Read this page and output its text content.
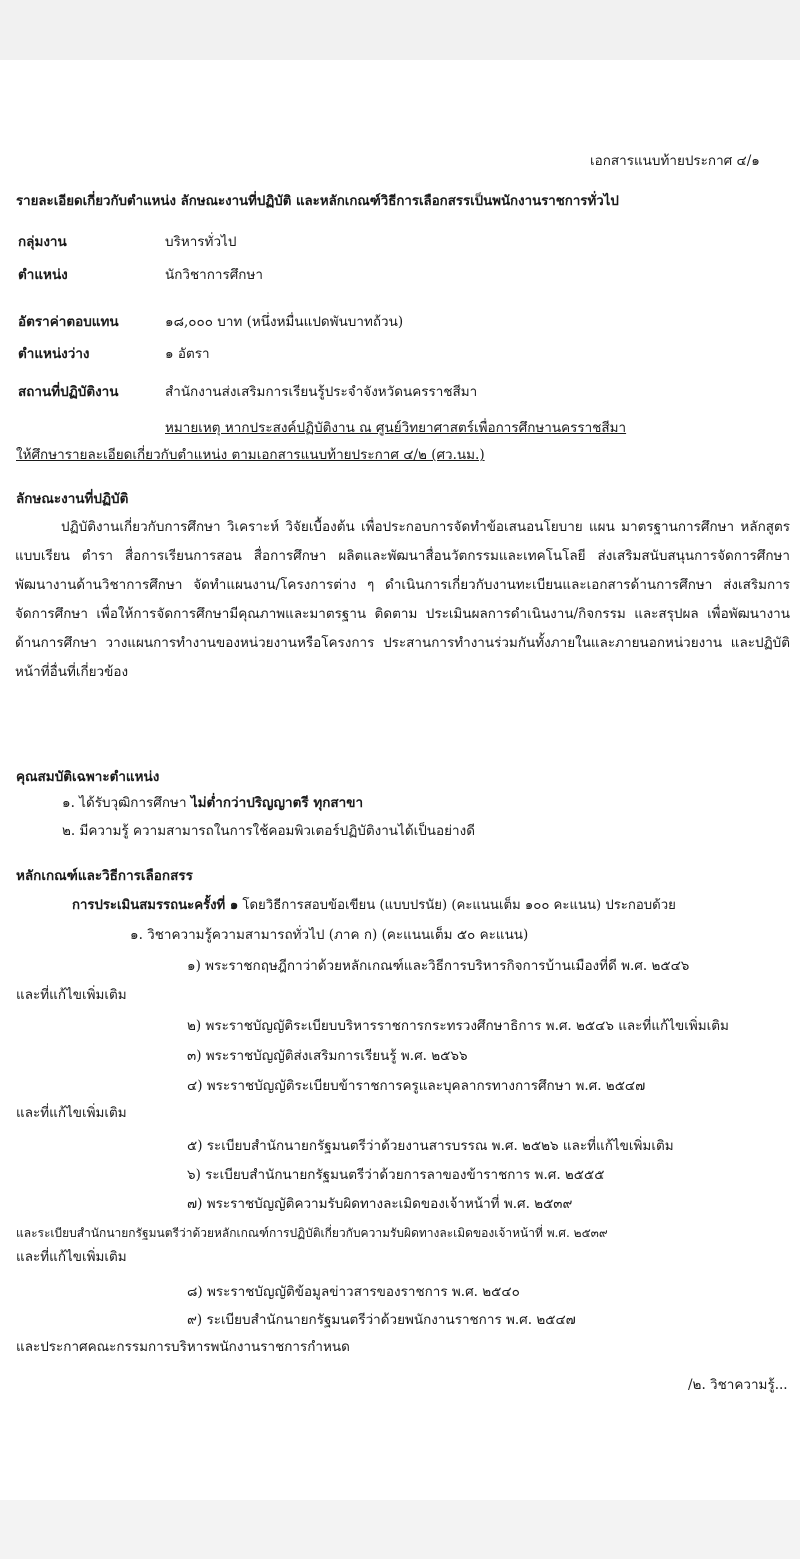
เอกสารแนบท้ายประกาศ ๔/๑
รายละเอียดเกี่ยวกับตำแหน่ง ลักษณะงานที่ปฏิบัติ และหลักเกณฑ์วิธีการเลือกสรรเป็นพนักงานราชการทั่วไป
กลุ่มงาน	บริหารทั่วไป
ตำแหน่ง	นักวิชาการศึกษา
อัตราค่าตอบแทน	๑๘,๐๐๐ บาท (หนึ่งหมื่นแปดพันบาทถ้วน)
ตำแหน่งว่าง	๑ อัตรา
สถานที่ปฏิบัติงาน	สำนักงานส่งเสริมการเรียนรู้ประจำจังหวัดนครราชสีมา
หมายเหตุ หากประสงค์ปฏิบัติงาน ณ ศูนย์วิทยาศาสตร์เพื่อการศึกษานครราชสีมา
ให้ศึกษารายละเอียดเกี่ยวกับตำแหน่ง ตามเอกสารแนบท้ายประกาศ ๔/๒ (ศว.นม.)
ลักษณะงานที่ปฏิบัติ
ปฏิบัติงานเกี่ยวกับการศึกษา วิเคราะห์ วิจัยเบื้องต้น เพื่อประกอบการจัดทำข้อเสนอนโยบาย แผน มาตรฐานการศึกษา หลักสูตร แบบเรียน ตำรา สื่อการเรียนการสอน สื่อการศึกษา ผลิตและพัฒนาสื่อนวัตกรรมและเทคโนโลยี ส่งเสริมสนับสนุนการจัดการศึกษา พัฒนางานด้านวิชาการศึกษา จัดทำแผนงาน/โครงการต่าง ๆ ดำเนินการเกี่ยวกับงานทะเบียนและเอกสารด้านการศึกษา ส่งเสริมการจัดการศึกษา เพื่อให้การจัดการศึกษามีคุณภาพและมาตรฐาน ติดตาม ประเมินผลการดำเนินงาน/กิจกรรม และสรุปผล เพื่อพัฒนางานด้านการศึกษา วางแผนการทำงานของหน่วยงานหรือโครงการ ประสานการทำงานร่วมกันทั้งภายในและภายนอกหน่วยงาน และปฏิบัติหน้าที่อื่นที่เกี่ยวข้อง
คุณสมบัติเฉพาะตำแหน่ง
๑. ได้รับวุฒิการศึกษา ไม่ต่ำกว่าปริญญาตรี ทุกสาขา
๒. มีความรู้ ความสามารถในการใช้คอมพิวเตอร์ปฏิบัติงานได้เป็นอย่างดี
หลักเกณฑ์และวิธีการเลือกสรร
การประเมินสมรรถนะครั้งที่ ๑ โดยวิธีการสอบข้อเขียน (แบบปรนัย) (คะแนนเต็ม ๑๐๐ คะแนน) ประกอบด้วย
๑. วิชาความรู้ความสามารถทั่วไป (ภาค ก) (คะแนนเต็ม ๕๐ คะแนน)
๑) พระราชกฤษฎีกาว่าด้วยหลักเกณฑ์และวิธีการบริหารกิจการบ้านเมืองที่ดี พ.ศ. ๒๕๔๖
และที่แก้ไขเพิ่มเติม
๒) พระราชบัญญัติระเบียบบริหารราชการกระทรวงศึกษาธิการ พ.ศ. ๒๕๔๖ และที่แก้ไขเพิ่มเติม
๓) พระราชบัญญัติส่งเสริมการเรียนรู้ พ.ศ. ๒๕๖๖
๔) พระราชบัญญัติระเบียบข้าราชการครูและบุคลากรทางการศึกษา พ.ศ. ๒๕๔๗
และที่แก้ไขเพิ่มเติม
๕) ระเบียบสำนักนายกรัฐมนตรีว่าด้วยงานสารบรรณ พ.ศ. ๒๕๒๖ และที่แก้ไขเพิ่มเติม
๖) ระเบียบสำนักนายกรัฐมนตรีว่าด้วยการลาของข้าราชการ พ.ศ. ๒๕๕๕
๗) พระราชบัญญัติความรับผิดทางละเมิดของเจ้าหน้าที่ พ.ศ. ๒๕๓๙
และระเบียบสำนักนายกรัฐมนตรีว่าด้วยหลักเกณฑ์การปฏิบัติเกี่ยวกับความรับผิดทางละเมิดของเจ้าหน้าที่ พ.ศ. ๒๕๓๙
และที่แก้ไขเพิ่มเติม
๘) พระราชบัญญัติข้อมูลข่าวสารของราชการ พ.ศ. ๒๕๔๐
๙) ระเบียบสำนักนายกรัฐมนตรีว่าด้วยพนักงานราชการ พ.ศ. ๒๕๔๗
และประกาศคณะกรรมการบริหารพนักงานราชการกำหนด
/๒. วิชาความรู้...
